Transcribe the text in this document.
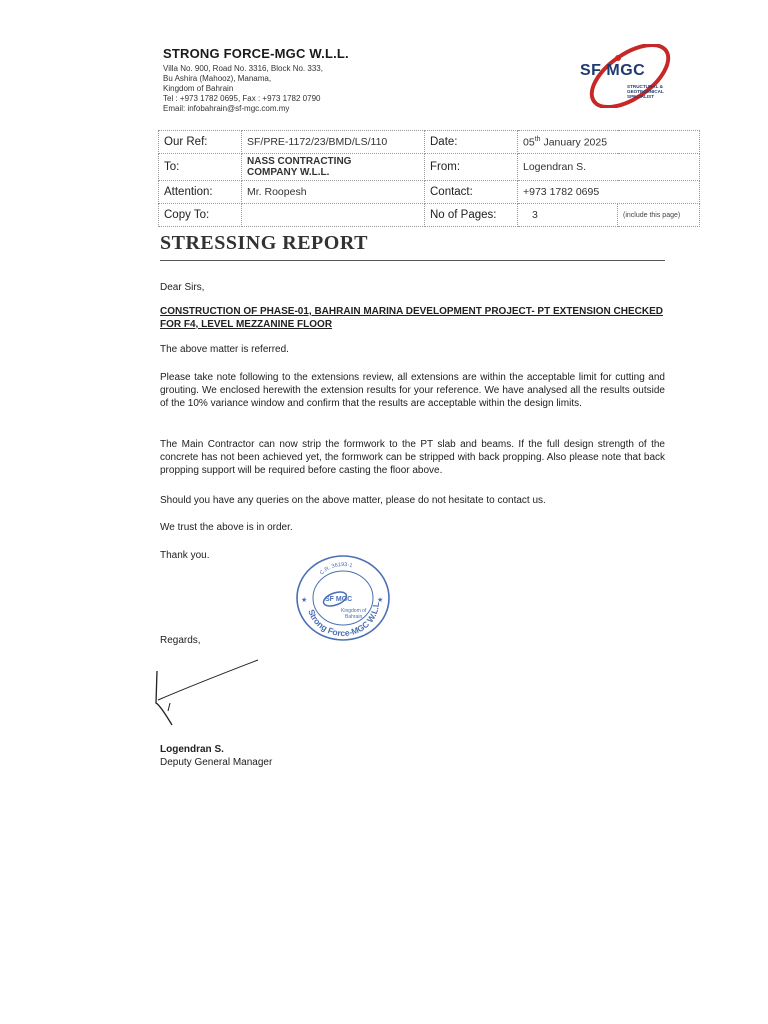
STRONG FORCE-MGC W.L.L.
Villa No. 900, Road No. 3316, Block No. 333,
Bu Ashira (Mahooz), Manama,
Kingdom of Bahrain
Tel : +973 1782 0695, Fax : +973 1782 0790
Email: infobahrain@sf-mgc.com.my
SF MGC
STRUCTURAL & GEOTECHNICAL SPECIALIST
Our Ref:	SF/PRE-1172/23/BMD/LS/110	Date:	05th January 2025	
To:	NASS CONTRACTING
COMPANY W.L.L.	From:	Logendran S.	
Attention:	Mr. Roopesh	Contact:	+973 1782 0695	
Copy To:		No of Pages:	3	(include this page)
STRESSING REPORT
Dear Sirs,
CONSTRUCTION OF PHASE-01, BAHRAIN MARINA DEVELOPMENT PROJECT- PT EXTENSION CHECKED FOR F4, LEVEL MEZZANINE FLOOR
The above matter is referred.
Please take note following to the extensions review, all extensions are within the acceptable limit for cutting and grouting. We enclosed herewith the extension results for your reference. We have analysed all the results outside of the 10% variance window and confirm that the results are acceptable within the design limits.
The Main Contractor can now strip the formwork to the PT slab and beams. If the full design strength of the concrete has not been achieved yet, the formwork can be stripped with back propping. Also please note that back propping support will be required before casting the floor above.
Should you have any queries on the above matter, please do not hesitate to contact us.
We trust the above is in order.
Thank you.
Strong Force-MGC W.L.L
C.R. 36193-1
SF MGC
Kingdom of
Bahrain
★	★
Regards,
Logendran S.
Deputy General Manager
